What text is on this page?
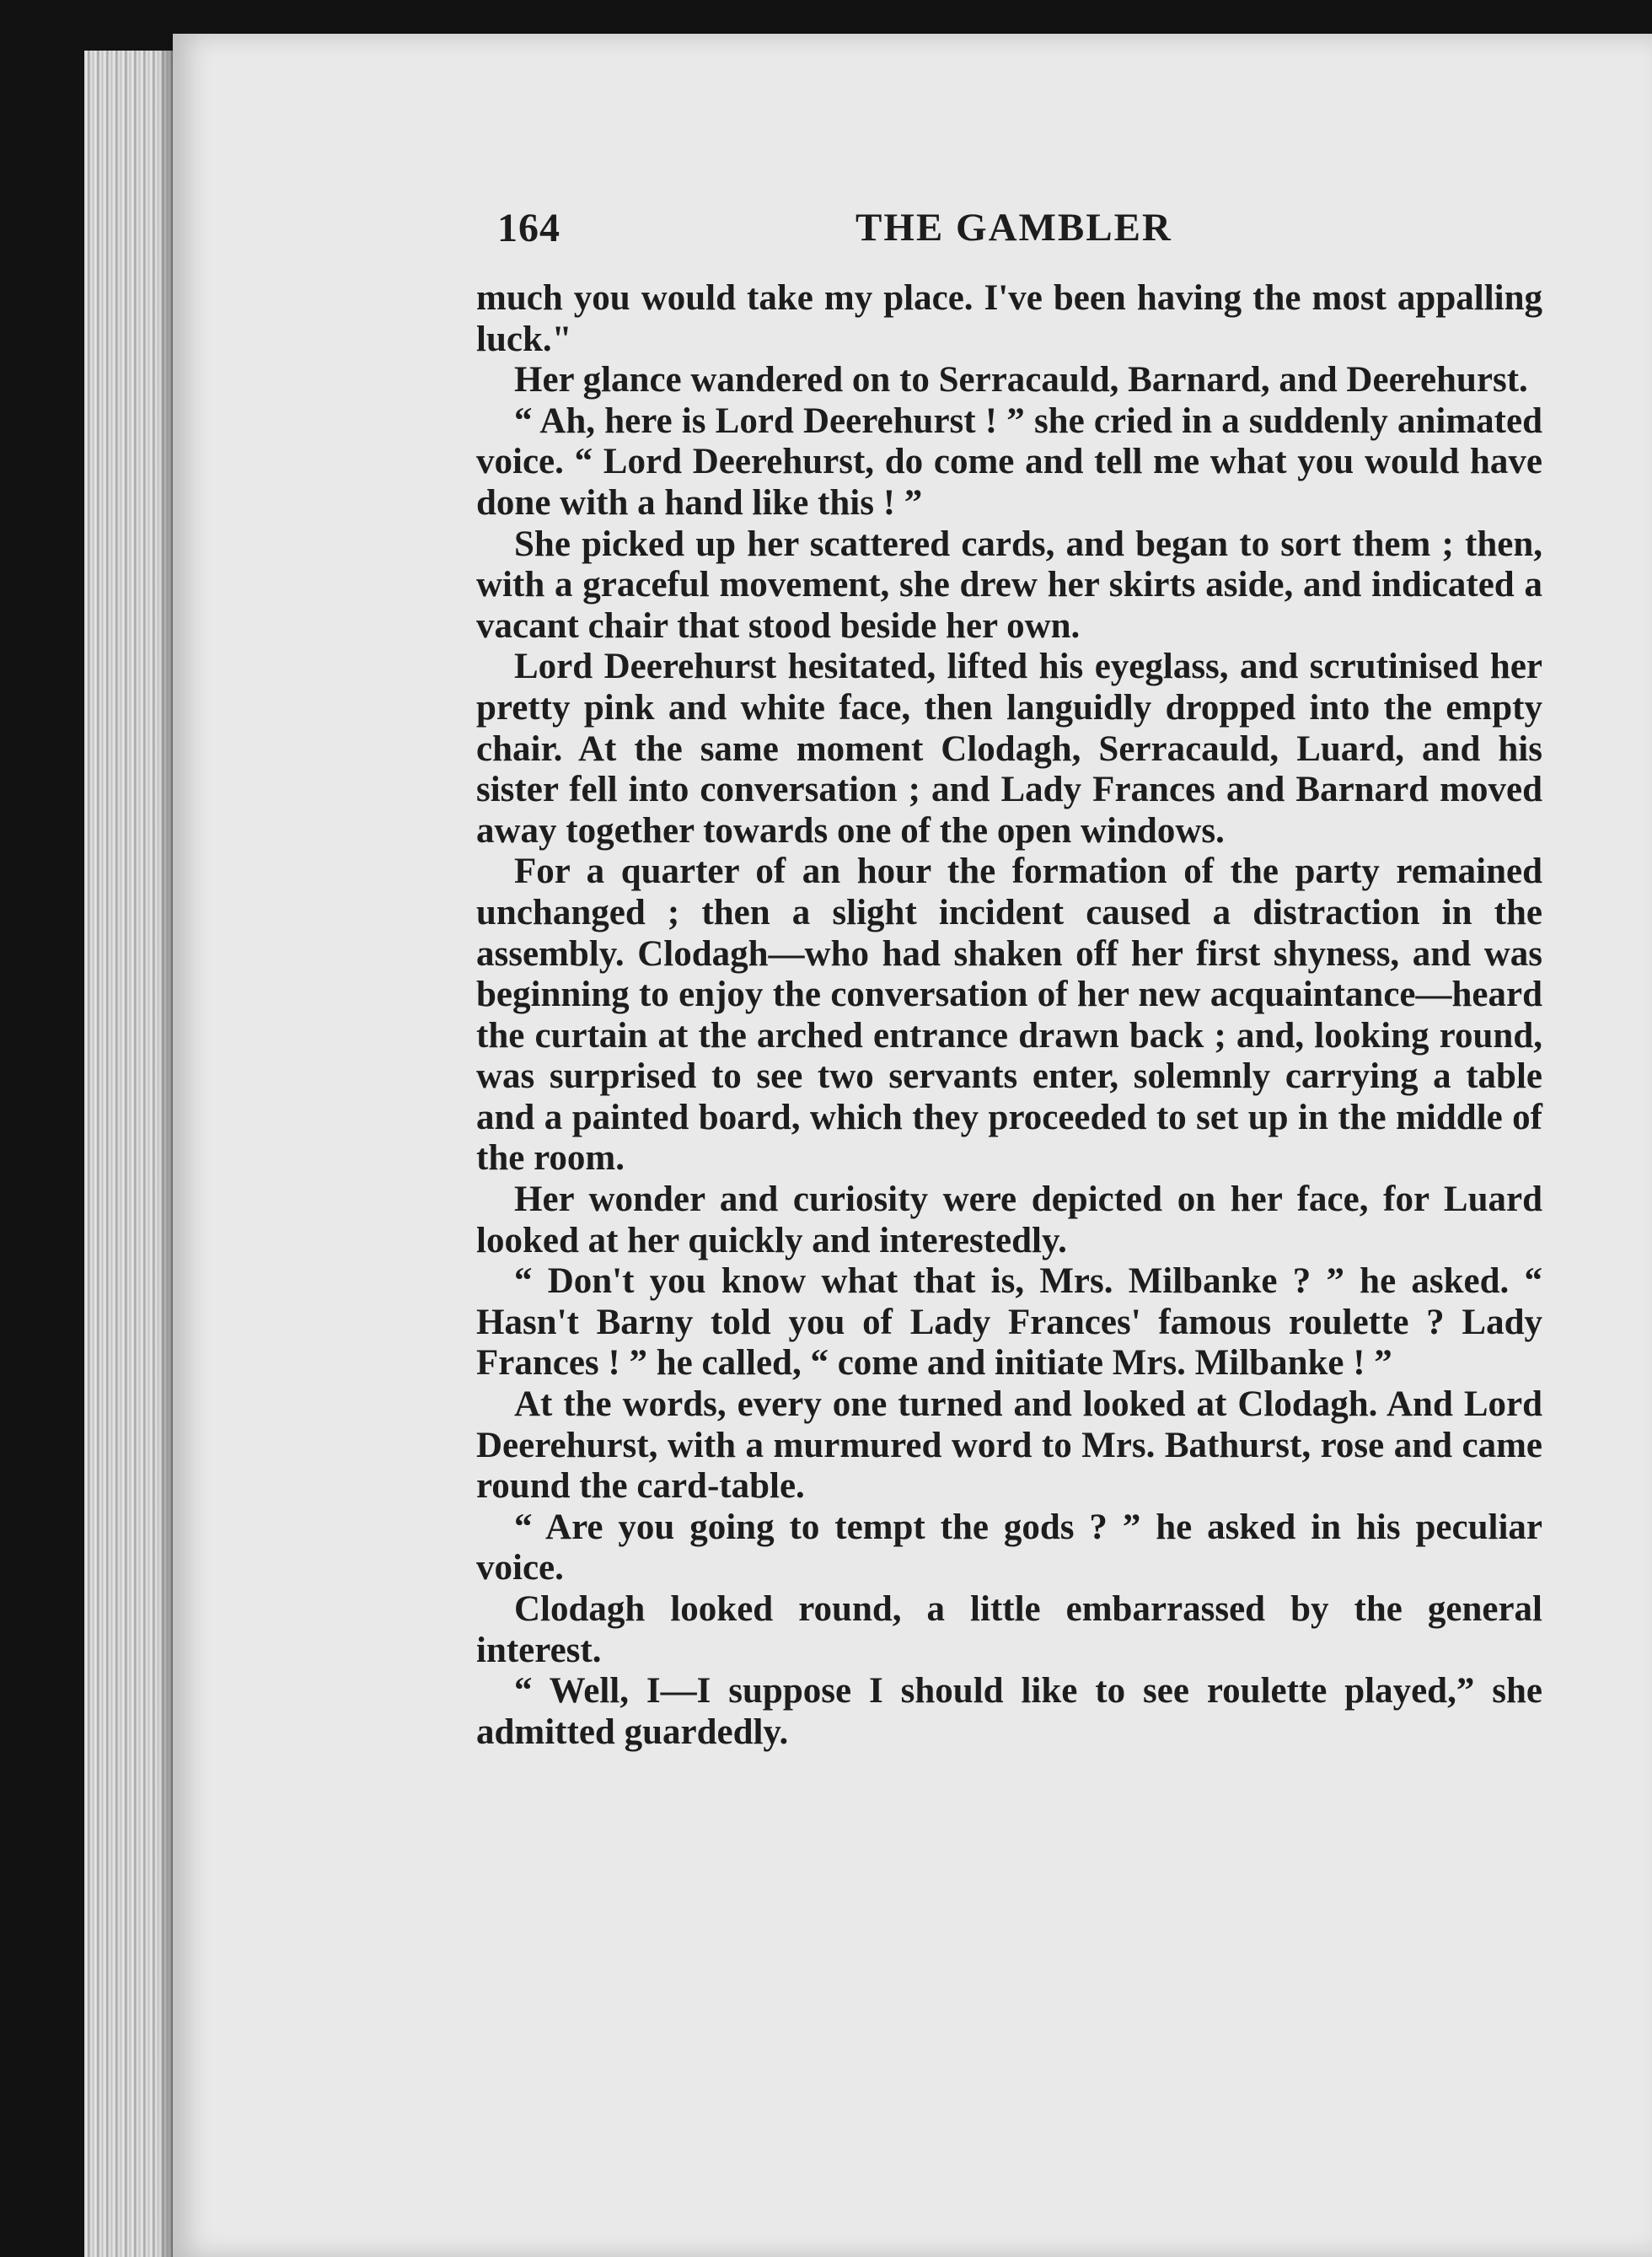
164	THE GAMBLER

much you would take my place. I've been having the most appalling luck."

Her glance wandered on to Serracauld, Barnard, and Deerehurst.

“ Ah, here is Lord Deerehurst ! ” she cried in a suddenly animated voice. “ Lord Deerehurst, do come and tell me what you would have done with a hand like this ! ”

She picked up her scattered cards, and began to sort them ; then, with a graceful movement, she drew her skirts aside, and indicated a vacant chair that stood beside her own.

Lord Deerehurst hesitated, lifted his eyeglass, and scrutinised her pretty pink and white face, then languidly dropped into the empty chair. At the same moment Clodagh, Serracauld, Luard, and his sister fell into conversation ; and Lady Frances and Barnard moved away together towards one of the open windows.

For a quarter of an hour the formation of the party remained unchanged ; then a slight incident caused a distraction in the assembly. Clodagh—who had shaken off her first shyness, and was beginning to enjoy the conversation of her new acquaintance—heard the curtain at the arched entrance drawn back ; and, looking round, was surprised to see two servants enter, solemnly carrying a table and a painted board, which they proceeded to set up in the middle of the room.

Her wonder and curiosity were depicted on her face, for Luard looked at her quickly and interestedly.

“ Don't you know what that is, Mrs. Milbanke ? ” he asked. “ Hasn't Barny told you of Lady Frances' famous roulette ? Lady Frances ! ” he called, “ come and initiate Mrs. Milbanke ! ”

At the words, every one turned and looked at Clodagh. And Lord Deerehurst, with a murmured word to Mrs. Bathurst, rose and came round the card-table.

“ Are you going to tempt the gods ? ” he asked in his peculiar voice.

Clodagh looked round, a little embarrassed by the general interest.

“ Well, I—I suppose I should like to see roulette played,” she admitted guardedly.
